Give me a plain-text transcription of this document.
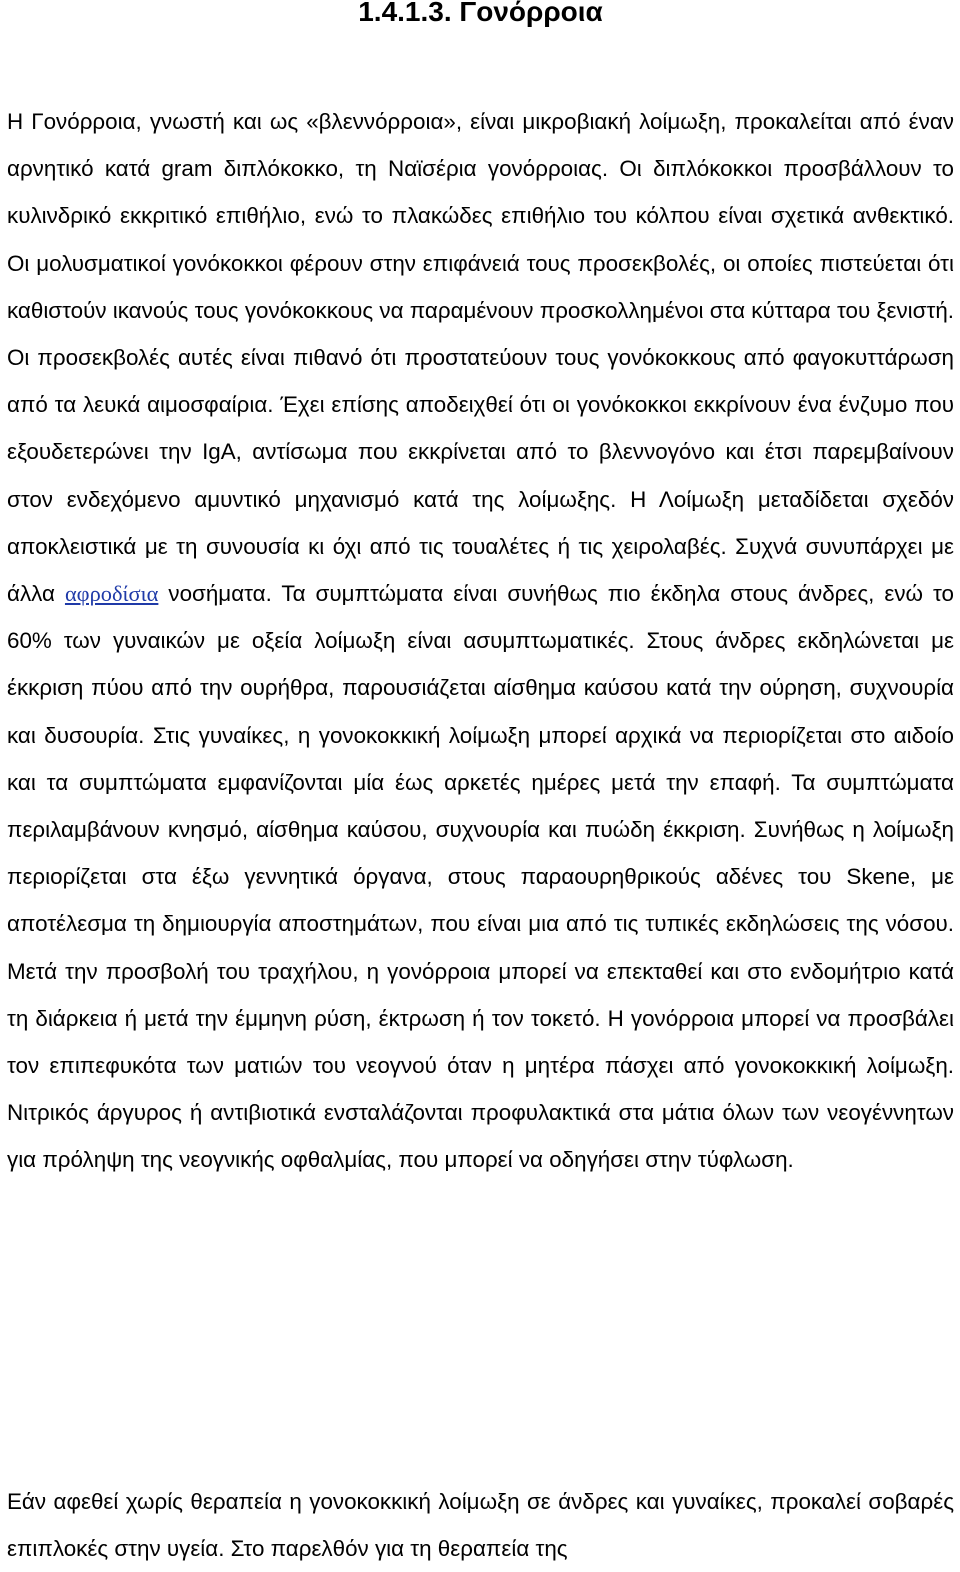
1.4.1.3. Γονόρροια

Η Γονόρροια, γνωστή και ως «βλεννόρροια», είναι μικροβιακή λοίμωξη, προκαλείται από έναν αρνητικό κατά gram διπλόκοκκο, τη Ναϊσέρια γονόρροιας. Οι διπλόκοκκοι προσβάλλουν το κυλινδρικό εκκριτικό επιθήλιο, ενώ το πλακώδες επιθήλιο του κόλπου είναι σχετικά ανθεκτικό. Οι μολυσματικοί γονόκοκκοι φέρουν στην επιφάνειά τους προσεκβολές, οι οποίες πιστεύεται ότι καθιστούν ικανούς τους γονόκοκκους να παραμένουν προσκολλημένοι στα κύτταρα του ξενιστή. Οι προσεκβολές αυτές είναι πιθανό ότι προστατεύουν τους γονόκοκκους από φαγοκυττάρωση από τα λευκά αιμοσφαίρια. Έχει επίσης αποδειχθεί ότι οι γονόκοκκοι εκκρίνουν ένα ένζυμο που εξουδετερώνει την IgA, αντίσωμα που εκκρίνεται από το βλεννογόνο και έτσι παρεμβαίνουν στον ενδεχόμενο αμυντικό μηχανισμό κατά της λοίμωξης. Η Λοίμωξη μεταδίδεται σχεδόν αποκλειστικά με τη συνουσία κι όχι από τις τουαλέτες ή τις χειρολαβές. Συχνά συνυπάρχει με άλλα αφροδίσια νοσήματα. Τα συμπτώματα είναι συνήθως πιο έκδηλα στους άνδρες, ενώ το 60% των γυναικών με οξεία λοίμωξη είναι ασυμπτωματικές. Στους άνδρες εκδηλώνεται με έκκριση πύου από την ουρήθρα, παρουσιάζεται αίσθημα καύσου κατά την ούρηση, συχνουρία και δυσουρία. Στις γυναίκες, η γονοκοκκική λοίμωξη μπορεί αρχικά να περιορίζεται στο αιδοίο και τα συμπτώματα εμφανίζονται μία έως αρκετές ημέρες μετά την επαφή. Τα συμπτώματα περιλαμβάνουν κνησμό, αίσθημα καύσου, συχνουρία και πυώδη έκκριση. Συνήθως η λοίμωξη περιορίζεται στα έξω γεννητικά όργανα, στους παραουρηθρικούς αδένες του Skene, με αποτέλεσμα τη δημιουργία αποστημάτων, που είναι μια από τις τυπικές εκδηλώσεις της νόσου. Μετά την προσβολή του τραχήλου, η γονόρροια μπορεί να επεκταθεί και στο ενδομήτριο κατά τη διάρκεια ή μετά την έμμηνη ρύση, έκτρωση ή τον τοκετό. Η γονόρροια μπορεί να προσβάλει τον επιπεφυκότα των ματιών του νεογνού όταν η μητέρα πάσχει από γονοκοκκική λοίμωξη. Νιτρικός άργυρος ή αντιβιοτικά ενσταλάζονται προφυλακτικά στα μάτια όλων των νεογέννητων για πρόληψη της νεογνικής οφθαλμίας, που μπορεί να οδηγήσει στην τύφλωση.

Εάν αφεθεί χωρίς θεραπεία η γονοκοκκική λοίμωξη σε άνδρες και γυναίκες, προκαλεί σοβαρές επιπλοκές στην υγεία. Στο παρελθόν για τη θεραπεία της
